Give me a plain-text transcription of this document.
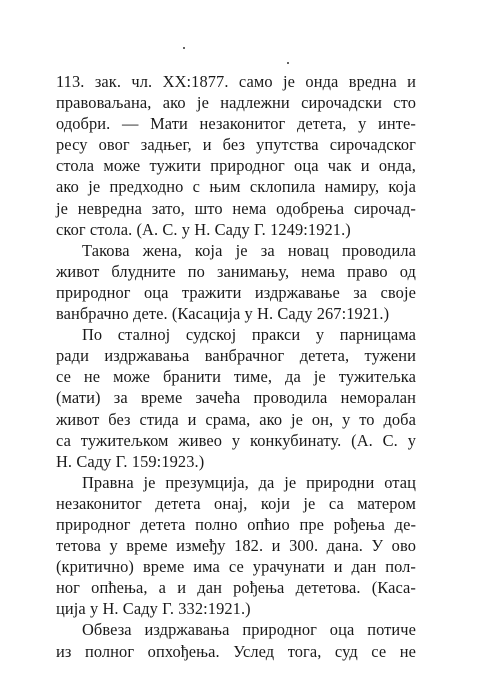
113. зак. чл. XX:1877. само је онда вредна и
правоваљана, ако је надлежни сирочадски сто
одобри. — Мати незаконитог детета, у инте-
ресу овог задњег, и без упутства сирочадског
стола може тужити природног оца чак и онда,
ако је предходно с њим склопила намиру, која
је невредна зато, што нема одобрења сирочад-
ског стола. (А. С. у Н. Саду Г. 1249:1921.)
Такова жена, која је за новац проводила
живот блудните по занимању, нема право од
природног оца тражити издржавање за своје
ванбрачно дете. (Касација у Н. Саду 267:1921.)
По сталној судској пракси у парницама
ради издржавања ванбрачног детета, тужени
се не може бранити тиме, да је тужитељка
(мати) за време зачећа проводила неморалан
живот без стида и срама, ако је он, у то доба
са тужитељком живео у конкубинату. (А. С. у
Н. Саду Г. 159:1923.)
Правна је презумција, да је природни отац
незаконитог детета онај, који је са матером
природног детета полно опћио пре рођења де-
тетова у време између 182. и 300. дана. У ово
(критично) време има се урачунати и дан пол-
ног опћења, а и дан рођења дететова. (Каса-
ција у Н. Саду Г. 332:1921.)
Обвеза издржавања природног оца потиче
из полног опхођења. Услед тога, суд се не
